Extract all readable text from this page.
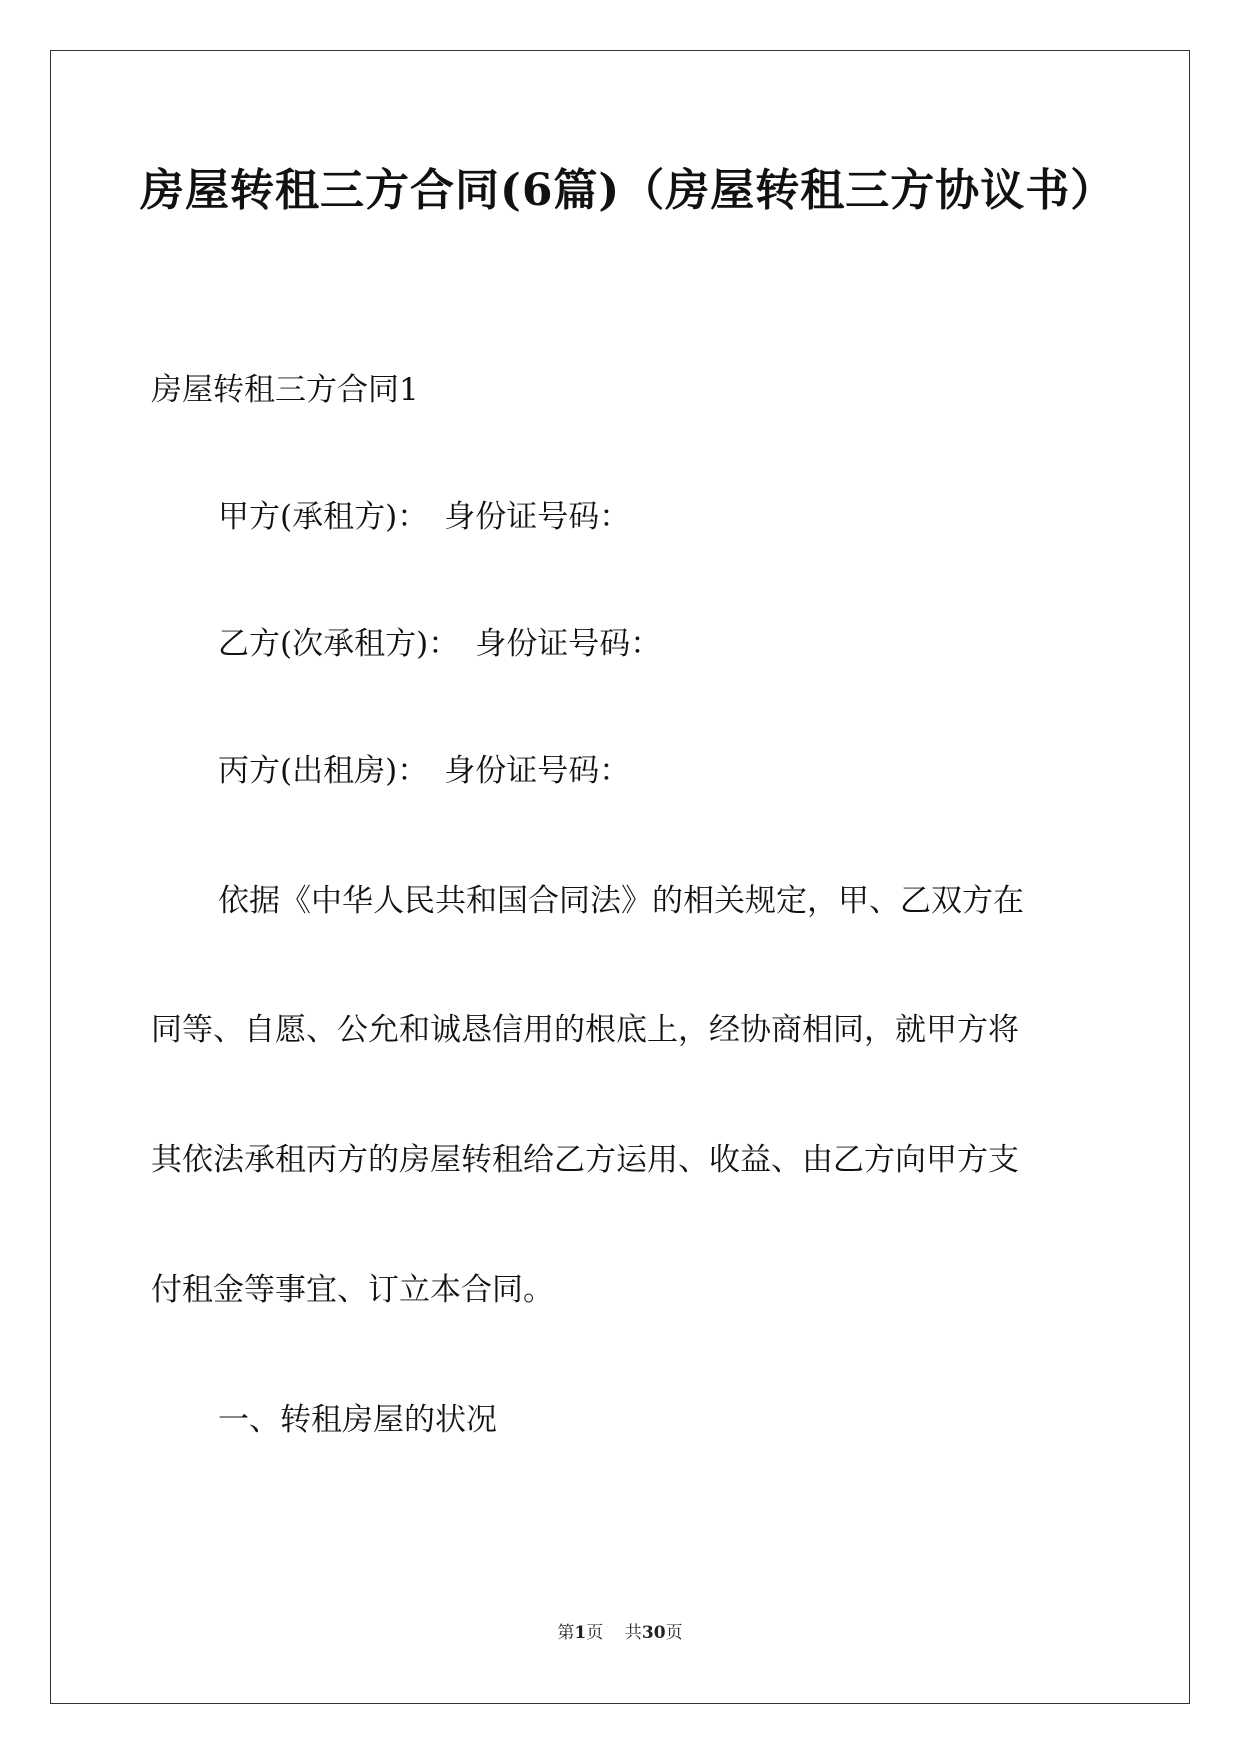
房屋转租三方合同(6篇)（房屋转租三方协议书）

房屋转租三方合同1

甲方(承租方)： 身份证号码：

乙方(次承租方)： 身份证号码：

丙方(出租房)： 身份证号码：

依据《中华人民共和国合同法》的相关规定，甲、乙双方在

同等、自愿、公允和诚恳信用的根底上，经协商相同，就甲方将

其依法承租丙方的房屋转租给乙方运用、收益、由乙方向甲方支

付租金等事宜、订立本合同。

一、转租房屋的状况

第1页 共30页
